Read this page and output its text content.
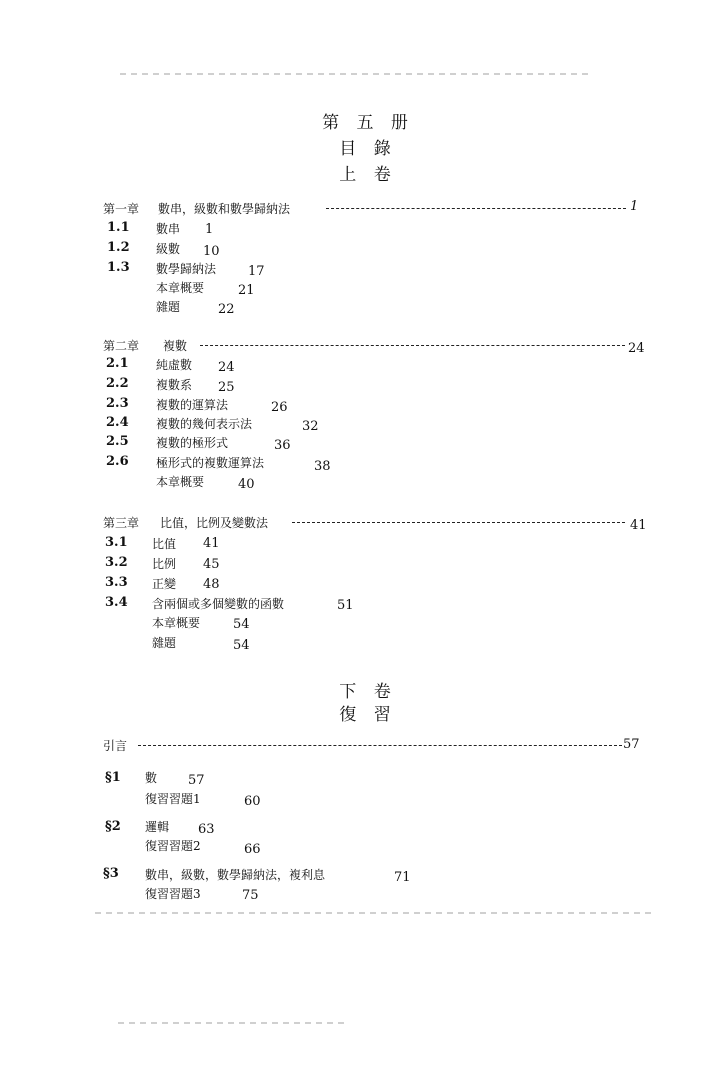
第 五 册
目 錄
上 卷
第一章 數串，級數和數學歸納法	1
1.1 數串 1
1.2 級數 10
1.3 數學歸納法 17
本章概要	21
雜題	22
第二章 複數	24
2.1 純虛數 24
2.2 複數系 25
2.3 複數的運算法	26
2.4 複數的幾何表示法	32
2.5 複數的極形式	36
2.6 極形式的複數運算法	38
本章概要	40
第三章 比值，比例及變數法	41
3.1 比值 41
3.2 比例 45
3.3 正變 48
3.4 含兩個或多個變數的函數	51
本章概要	54
雜題	54
下 卷
復 習
引言	57
§1 數 57
復習習題1	60
§2 邏輯 63
復習習題2	66
§3 數串，級數，數學歸納法，複利息	71
復習習題3	75
